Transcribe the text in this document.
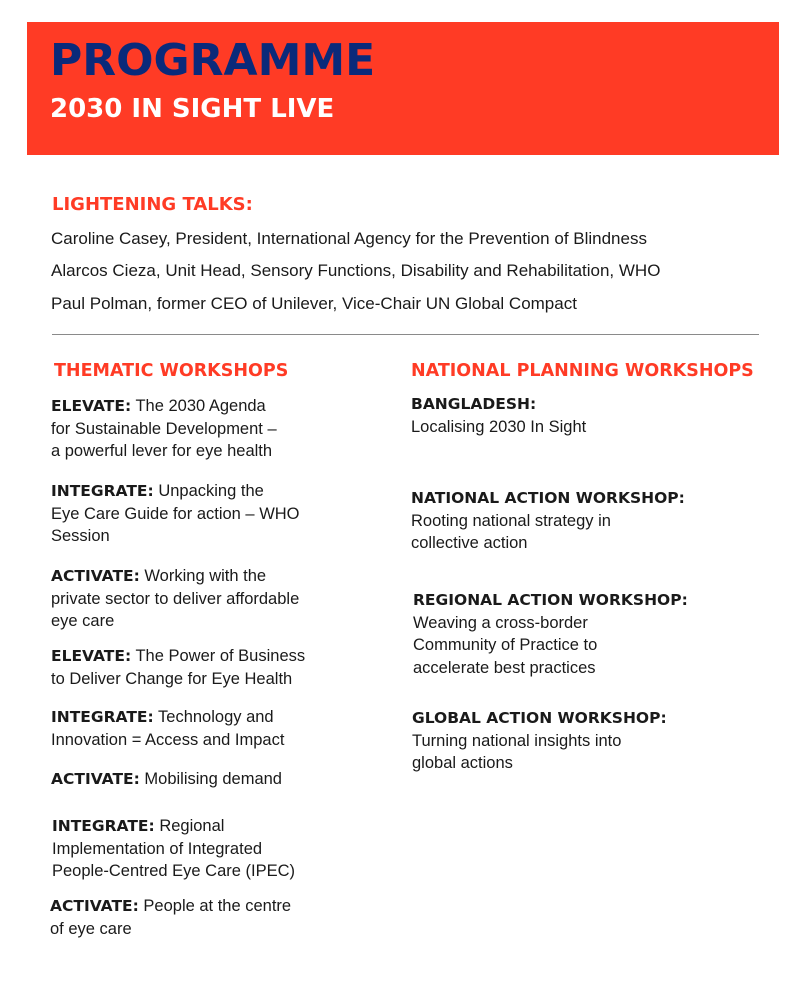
PROGRAMME
2030 IN SIGHT LIVE
LIGHTENING TALKS:
Caroline Casey, President, International Agency for the Prevention of Blindness
Alarcos Cieza, Unit Head, Sensory Functions, Disability and Rehabilitation, WHO
Paul Polman, former CEO of Unilever, Vice-Chair UN Global Compact
THEMATIC WORKSHOPS	NATIONAL PLANNING WORKSHOPS
ELEVATE: The 2030 Agenda
for Sustainable Development –
a powerful lever for eye health
INTEGRATE: Unpacking the
Eye Care Guide for action – WHO
Session
ACTIVATE: Working with the
private sector to deliver affordable
eye care
ELEVATE: The Power of Business
to Deliver Change for Eye Health
INTEGRATE: Technology and
Innovation = Access and Impact
ACTIVATE: Mobilising demand
INTEGRATE: Regional
Implementation of Integrated
People-Centred Eye Care (IPEC)
ACTIVATE: People at the centre
of eye care
BANGLADESH:
Localising 2030 In Sight
NATIONAL ACTION WORKSHOP:
Rooting national strategy in
collective action
REGIONAL ACTION WORKSHOP:
Weaving a cross-border
Community of Practice to
accelerate best practices
GLOBAL ACTION WORKSHOP:
Turning national insights into
global actions
